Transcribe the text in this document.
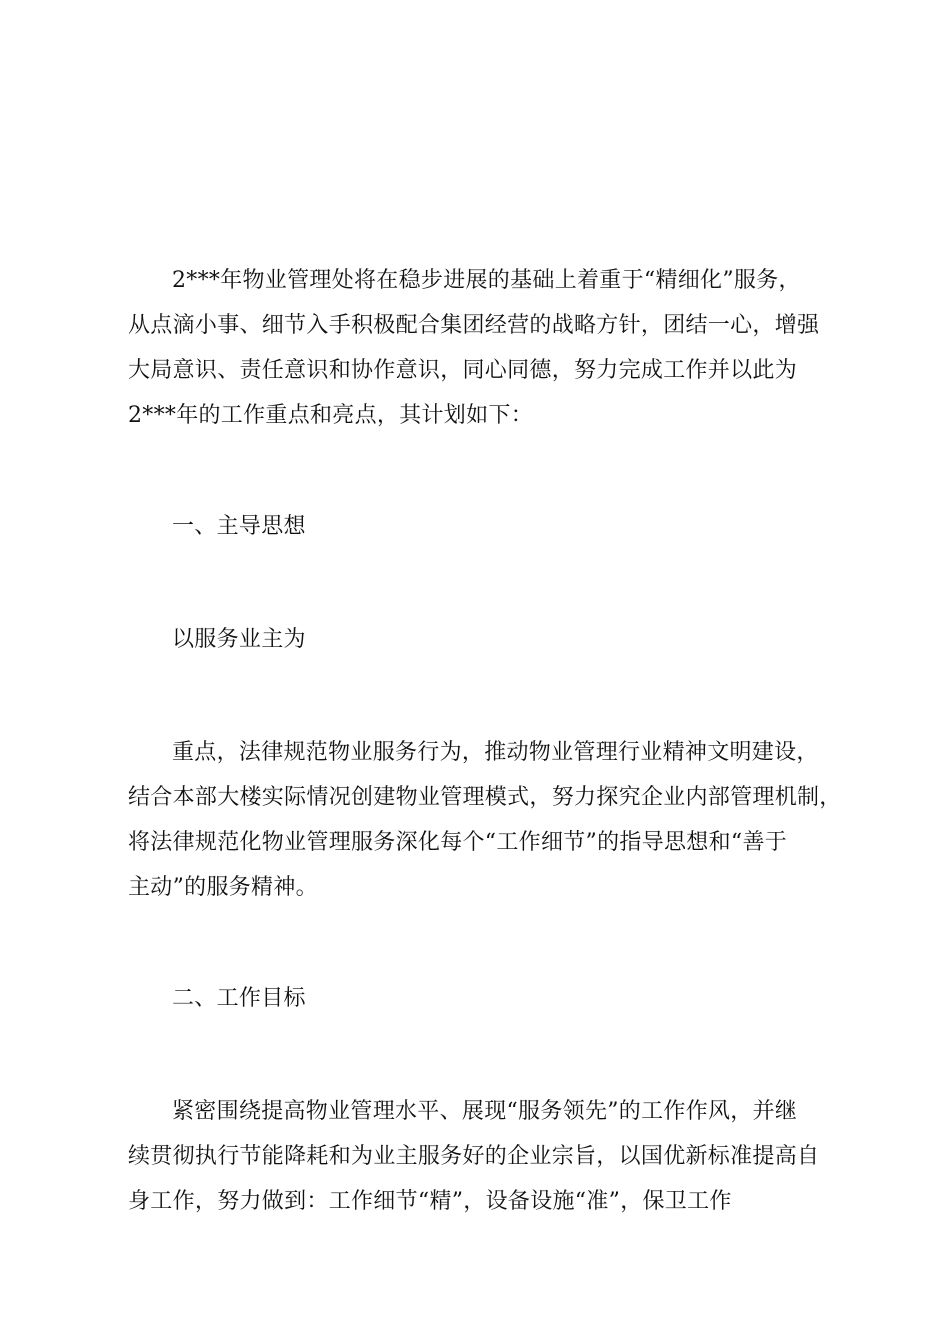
2***年物业管理处将在稳步进展的基础上着重于“精细化”服务，
从点滴小事、细节入手积极配合集团经营的战略方针，团结一心，增强
大局意识、责任意识和协作意识，同心同德，努力完成工作并以此为
2***年的工作重点和亮点，其计划如下：
一、主导思想
以服务业主为
重点，法律规范物业服务行为，推动物业管理行业精神文明建设，
结合本部大楼实际情况创建物业管理模式，努力探究企业内部管理机制，
将法律规范化物业管理服务深化每个“工作细节”的指导思想和“善于
主动”的服务精神。
二、工作目标
紧密围绕提高物业管理水平、展现“服务领先”的工作作风，并继
续贯彻执行节能降耗和为业主服务好的企业宗旨，以国优新标准提高自
身工作，努力做到：工作细节“精”，设备设施“准”，保卫工作
